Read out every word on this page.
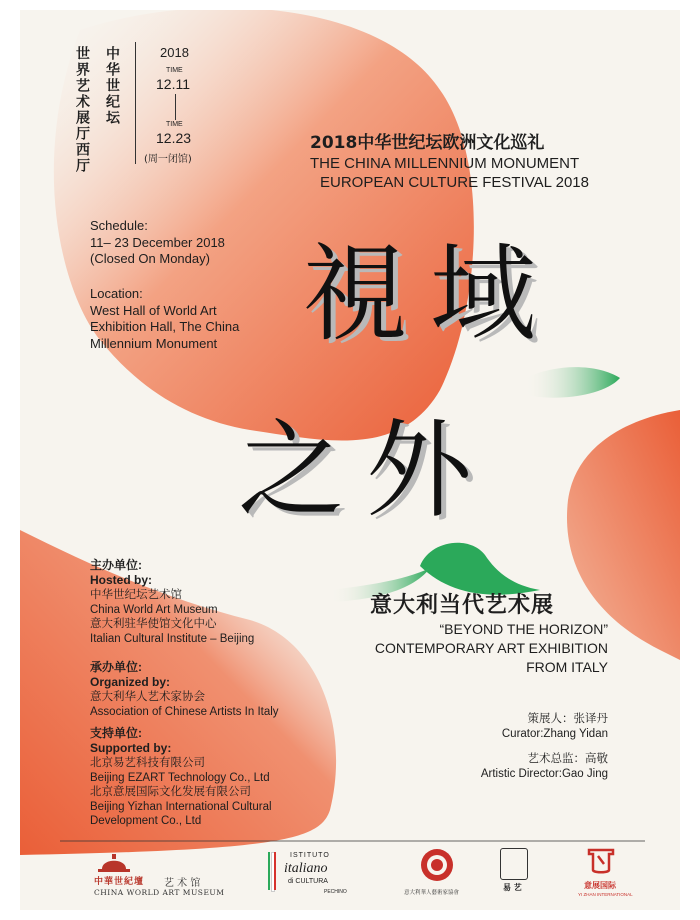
世界艺术展厅西厅 中华世纪坛	2018
TIME
12.11
TIME
12.23
(周一闭馆)
2018中华世纪坛欧洲文化巡礼
THE CHINA MILLENNIUM MONUMENT
EUROPEAN CULTURE FESTIVAL 2018
Schedule:
11– 23 December 2018
(Closed On Monday)
Location:
West Hall of World Art
Exhibition Hall, The China
Millennium Monument 視域
之外
意大利当代艺术展
“BEYOND THE HORIZON”
CONTEMPORARY ART EXHIBITION
FROM ITALY
主办单位:
Hosted by:
中华世纪坛艺术馆
China World Art Museum
意大利驻华使馆文化中心
Italian Cultural Institute – Beijing
承办单位:
Organized by:
意大利华人艺术家协会
Association of Chinese Artists In Italy
支持单位:
Supported by:
北京易艺科技有限公司
Beijing EZART Technology Co., Ltd
北京意展国际文化发展有限公司
Beijing Yizhan International Cultural
Development Co., Ltd
策展人：张译丹
Curator:Zhang Yidan
艺术总监：高敬
Artistic Director:Gao Jing
中華世紀壇 艺 术 馆
CHINA WORLD ART MUSEUM
ISTITUTO
italiano
di CULTURA
PECHINO	意大利華人藝術家協會
易 艺	意展国际
YI ZHAN INTERNATIONAL
